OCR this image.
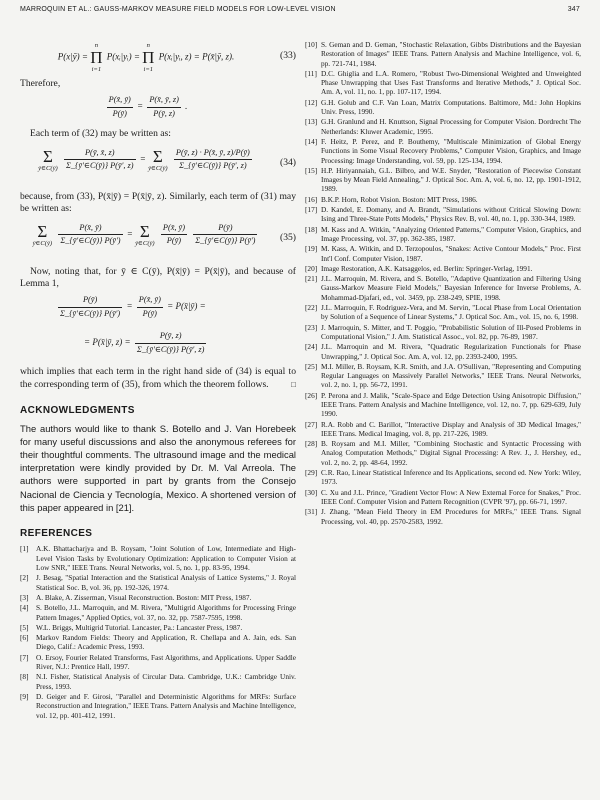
MARROQUIN ET AL.: GAUSS-MARKOV MEASURE FIELD MODELS FOR LOW-LEVEL VISION	347
P(x|ȳ) = n
Π
i=1 P(xᵢ|yᵢ) = n
Π
i=1 P(xᵢ|yᵢ, z) = P(x̄|ȳ, z).	(33)

Therefore,

$\frac{P(x̄, ȳ)}{P(ȳ)} = \frac{P(x̄, ȳ, z)}{P(ȳ, z)}$ .

Each term of (32) may be written as:

Σ
ȳ∈C(ȳ) $\frac{P(ȳ, x̄, z)}{\Sigma\_\{ȳ'\in C(ȳ)\} P(ȳ', z)} = \Sigma$
ȳ∈C(ȳ) $\frac{P(ȳ, z) \cdot P(x̄, ȳ, z)/P(ȳ)}{\Sigma\_\{ȳ'\in C(ȳ)\} P(ȳ', z)}$	(34)

because, from (33), P(x̄|ȳ) = P(x̄|ȳ, z). Similarly, each term of (31) may be written as:

Σ
ȳ∈C(ȳ) $\frac{P(x̄, ȳ)}{\Sigma\_\{ȳ'\in C(ȳ)\} P(ȳ')} = \Sigma$
ȳ∈C(ȳ) $\frac{P(x̄, ȳ)}{P(ȳ)}$
$\frac{P(ȳ)}{\Sigma\_\{ȳ'\in C(ȳ)\} P(ȳ')} (35)$

Now, noting that, for ȳ ∈ C(ȳ), P(x̄|ȳ) = P(x̄|ȳ), and because of Lemma 1,

$\frac{P(ȳ)}{\Sigma\_\{ȳ'\in C(ȳ)\} P(ȳ')} = \frac{P(x̄, ȳ)}{P(ȳ)}$ = P(x̄|ȳ) =
= P(x̄|ȳ, $z) = \frac{P(ȳ, z)}{\Sigma\_\{ȳ'\in C(ȳ)\} P(ȳ', z)}$

which implies that each term in the right hand side of (34) is equal to the corresponding term of (35), from which the theorem follows.	□

ACKNOWLEDGMENTS

The authors would like to thank S. Botello and J. Van Horebeek for many useful discussions and also the anonymous referees for their thoughtful comments. The ultrasound image and the medical interpretation were kindly provided by Dr. M. Val Arreola. The authors were supported in part by grants from the Consejo Nacional de Ciencia y Tecnología, Mexico. A shortened version of this paper appeared in [21].

REFERENCES
[1]	A.K. Bhattacharjya and B. Roysam, "Joint Solution of Low, Intermediate and High-Level Vision Tasks by Evolutionary Optimization: Application to Computer Vision at Low SNR," IEEE Trans. Neural Networks, vol. 5, no. 1, pp. 83-95, 1994.
[2]	J. Besag, "Spatial Interaction and the Statistical Analysis of Lattice Systems," J. Royal Statistical Soc. B, vol. 36, pp. 192-326, 1974.
[3]	A. Blake, A. Zisserman, Visual Reconstruction. Boston: MIT Press, 1987.
[4]	S. Botello, J.L. Marroquin, and M. Rivera, "Multigrid Algorithms for Processing Fringe Pattern Images," Applied Optics, vol. 37, no. 32, pp. 7587-7595, 1998.
[5]	W.L. Briggs, Multigrid Tutorial. Lancaster, Pa.: Lancaster Press, 1987.
[6]	Markov Random Fields: Theory and Application, R. Chellapa and A. Jain, eds. San Diego, Calif.: Academic Press, 1993.
[7]	O. Ersoy, Fourier Related Transforms, Fast Algorithms, and Applications. Upper Saddle River, N.J.: Prentice Hall, 1997.
[8]	N.I. Fisher, Statistical Analysis of Circular Data. Cambridge, U.K.: Cambridge Univ. Press, 1993.
[9]	D. Geiger and F. Girosi, "Parallel and Deterministic Algorithms for MRFs: Surface Reconstruction and Integration," IEEE Trans. Pattern Analysis and Machine Intelligence, vol. 12, pp. 401-412, 1991.
[10] S. Geman and D. Geman, "Stochastic Relaxation, Gibbs Distributions and the Bayesian Restoration of Images" IEEE Trans. Pattern Analysis and Machine Intelligence, vol. 6, pp. 721-741, 1984.
[11] D.C. Ghiglia and L.A. Romero, "Robust Two-Dimensional Weighted and Unweighted Phase Unwrapping that Uses Fast Transforms and Iterative Methods," J. Optical Soc. Am. A, vol. 11, no. 1, pp. 107-117, 1994.
[12] G.H. Golub and C.F. Van Loan, Matrix Computations. Baltimore, Md.: John Hopkins Univ. Press, 1990.
[13] G.H. Granlund and H. Knuttson, Signal Processing for Computer Vision. Dordrecht The Netherlands: Kluwer Academic, 1995.
[14] F. Heitz, P. Perez, and P. Bouthemy, "Multiscale Minimization of Global Energy Functions in Some Visual Recovery Problems," Computer Vision, Graphics, and Image Processing: Image Understanding, vol. 59, pp. 125-134, 1994.
[15] H.P. Hiriyannaiah, G.L. Bilbro, and W.E. Snyder, "Restoration of Piecewise Constant Images by Mean Field Annealing," J. Optical Soc. Am. A, vol. 6, no. 12, pp. 1901-1912, 1989.
[16] B.K.P. Horn, Robot Vision. Boston: MIT Press, 1986.
[17] D. Kandel, E. Domany, and A. Brandt, "Simulations without Critical Slowing Down: Ising and Three-State Potts Models," Physics Rev. B, vol. 40, no. 1, pp. 330-344, 1989.
[18] M. Kass and A. Witkin, "Analyzing Oriented Patterns," Computer Vision, Graphics, and Image Processing, vol. 37, pp. 362-385, 1987.
[19] M. Kass, A. Witkin, and D. Terzopoulos, "Snakes: Active Contour Models," Proc. First Int'l Conf. Computer Vision, 1987.
[20] Image Restoration, A.K. Katsaggelos, ed. Berlin: Springer-Verlag, 1991.
[21] J.L. Marroquin, M. Rivera, and S. Botello, "Adaptive Quantization and Filtering Using Gauss-Markov Measure Field Models," Bayesian Inference for Inverse Problems, A. Mohammad-Djafari, ed., vol. 3459, pp. 238-249, SPIE, 1998.
[22] J.L. Marroquin, F. Rodriguez-Vera, and M. Servin, "Local Phase from Local Orientation by Solution of a Sequence of Linear Systems," J. Optical Soc. Am., vol. 15, no. 6, 1998.
[23] J. Marroquin, S. Mitter, and T. Poggio, "Probabilistic Solution of Ill-Posed Problems in Computational Vision," J. Am. Statistical Assoc., vol. 82, pp. 76-89, 1987.
[24] J.L. Marroquin and M. Rivera, "Quadratic Regularization Functionals for Phase Unwrapping," J. Optical Soc. Am. A, vol. 12, pp. 2393-2400, 1995.
[25] M.I. Miller, B. Roysam, K.R. Smith, and J.A. O'Sullivan, "Representing and Computing Regular Languages on Massively Parallel Networks," IEEE Trans. Neural Networks, vol. 2, no. 1, pp. 56-72, 1991.
[26] P. Perona and J. Malik, "Scale-Space and Edge Detection Using Anisotropic Diffusion," IEEE Trans. Pattern Analysis and Machine Intelligence, vol. 12, no. 7, pp. 629-639, July 1990.
[27] R.A. Robb and C. Barillot, "Interactive Display and Analysis of 3D Medical Images," IEEE Trans. Medical Imaging, vol. 8, pp. 217-226, 1989.
[28] B. Roysam and M.I. Miller, "Combining Stochastic and Syntactic Processing with Analog Computation Methods," Digital Signal Processing: A Rev. J., J. Hershey, ed., vol. 2, no. 2, pp. 48-64, 1992.
[29] C.R. Rao, Linear Statistical Inference and Its Applications, second ed. New York: Wiley, 1973.
[30] C. Xu and J.L. Prince, "Gradient Vector Flow: A New External Force for Snakes," Proc. IEEE Conf. Computer Vision and Pattern Recognition (CVPR '97), pp. 66-71, 1997.
[31] J. Zhang, "Mean Field Theory in EM Procedures for MRFs," IEEE Trans. Signal Processing, vol. 40, pp. 2570-2583, 1992.
